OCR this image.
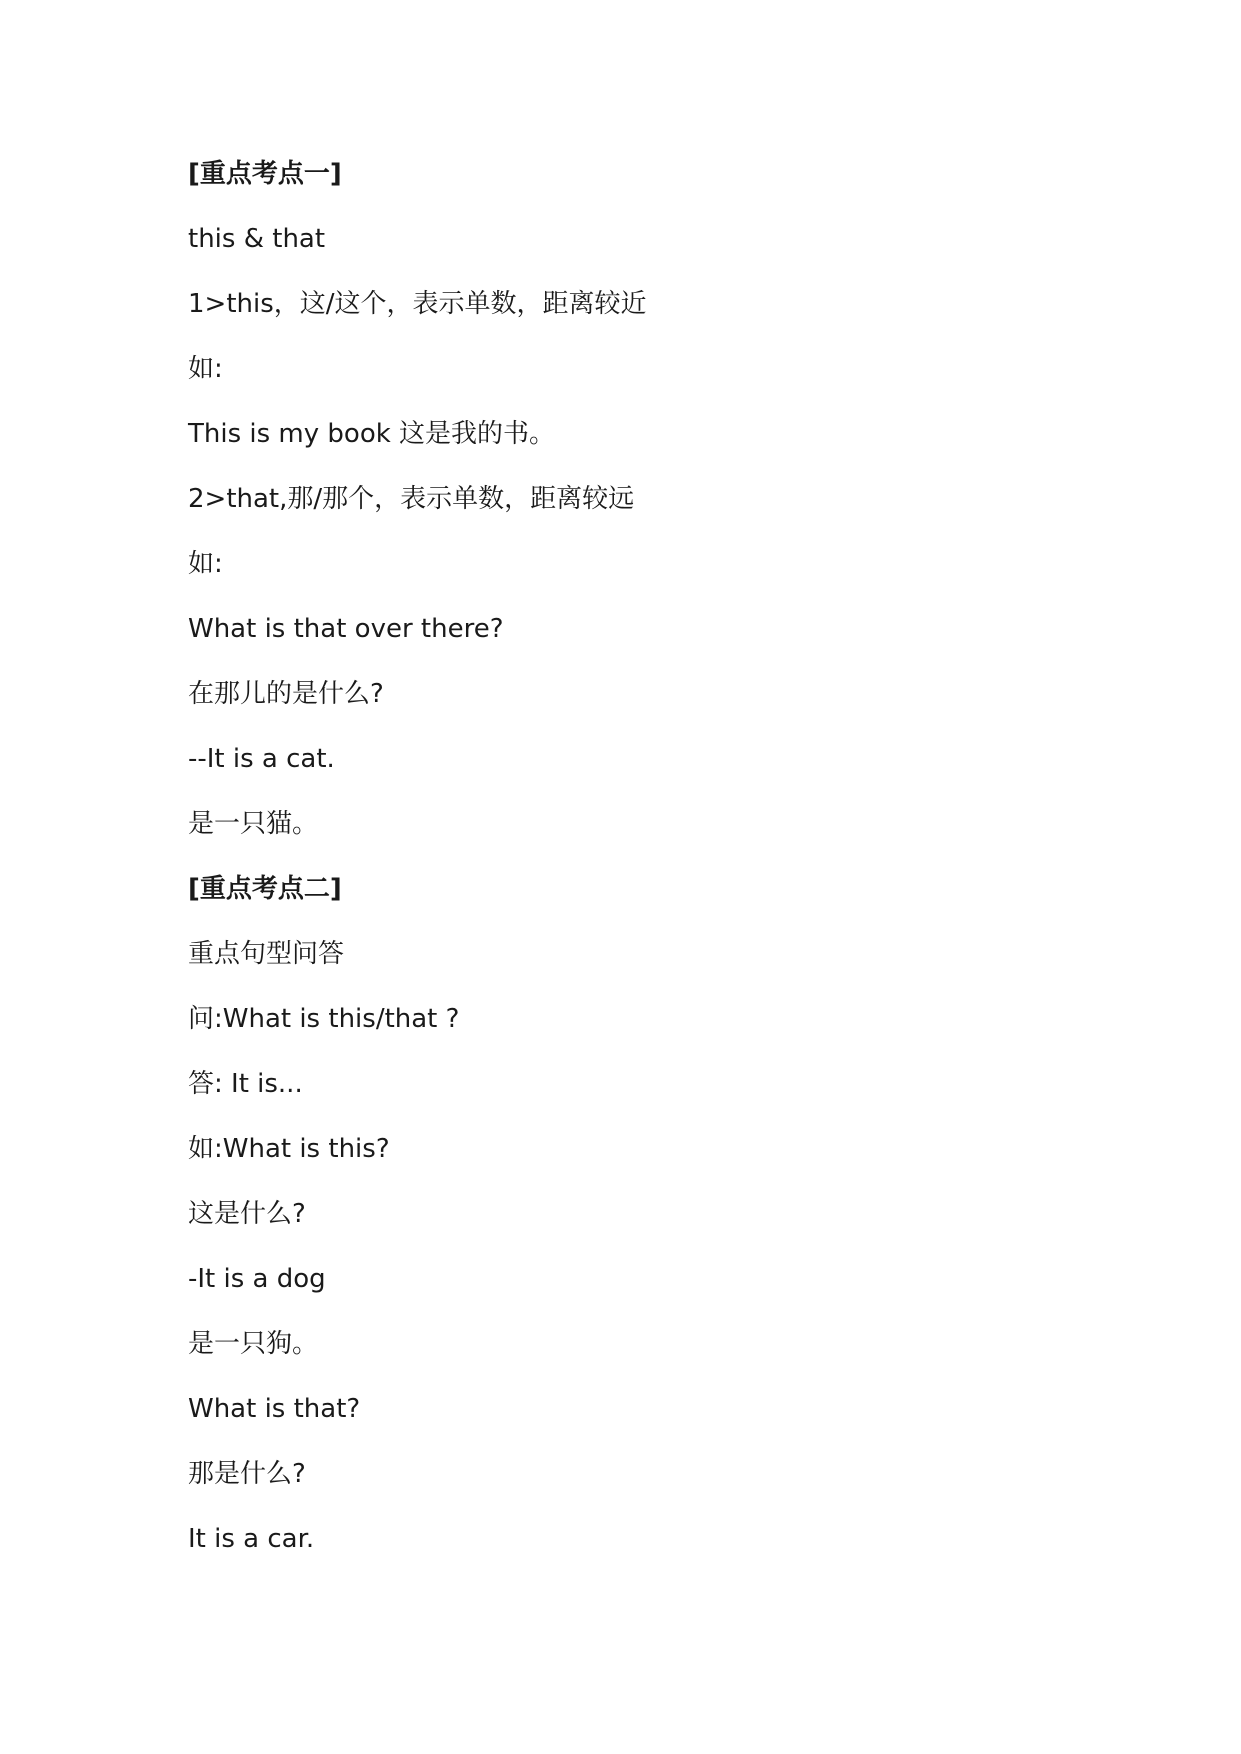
[重点考点一]
this & that
1>this，这/这个，表示单数，距离较近
如:
This is my book 这是我的书。
2>that,那/那个，表示单数，距离较远
如:
What is that over there?
在那儿的是什么?
--It is a cat.
是一只猫。
[重点考点二]
重点句型问答
问:What is this/that ?
答: It is...
如:What is this?
这是什么?
-It is a dog
是一只狗。
What is that?
那是什么?
It is a car.
